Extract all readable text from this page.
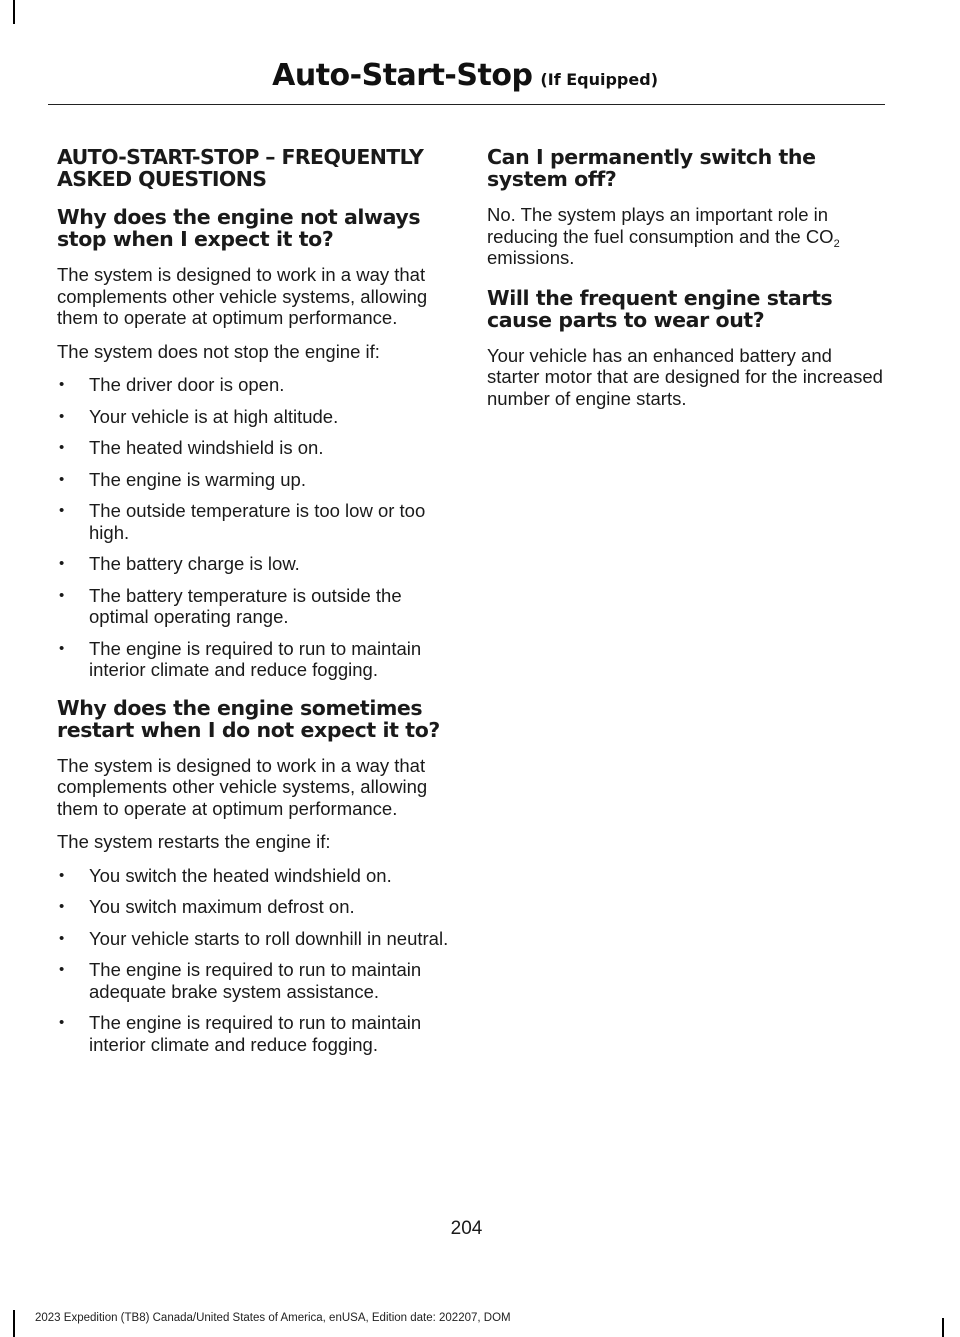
Auto-Start-Stop (If Equipped)
AUTO-START-STOP – FREQUENTLY ASKED QUESTIONS
Why does the engine not always stop when I expect it to?

The system is designed to work in a way that complements other vehicle systems, allowing them to operate at optimum performance.

The system does not stop the engine if:

• The driver door is open.
• Your vehicle is at high altitude.
• The heated windshield is on.
• The engine is warming up.
• The outside temperature is too low or too high.
• The battery charge is low.
• The battery temperature is outside the optimal operating range.
• The engine is required to run to maintain interior climate and reduce fogging.
Why does the engine sometimes restart when I do not expect it to?

The system is designed to work in a way that complements other vehicle systems, allowing them to operate at optimum performance.

The system restarts the engine if:

• You switch the heated windshield on.
• You switch maximum defrost on.
• Your vehicle starts to roll downhill in neutral.
• The engine is required to run to maintain adequate brake system assistance.
• The engine is required to run to maintain interior climate and reduce fogging.
Can I permanently switch the system off?

No. The system plays an important role in reducing the fuel consumption and the $CO_2$ emissions.

Will the frequent engine starts cause parts to wear out?

Your vehicle has an enhanced battery and starter motor that are designed for the increased number of engine starts.

204
2023 Expedition (TB8) Canada/United States of America, enUSA, Edition date: 202207, DOM
